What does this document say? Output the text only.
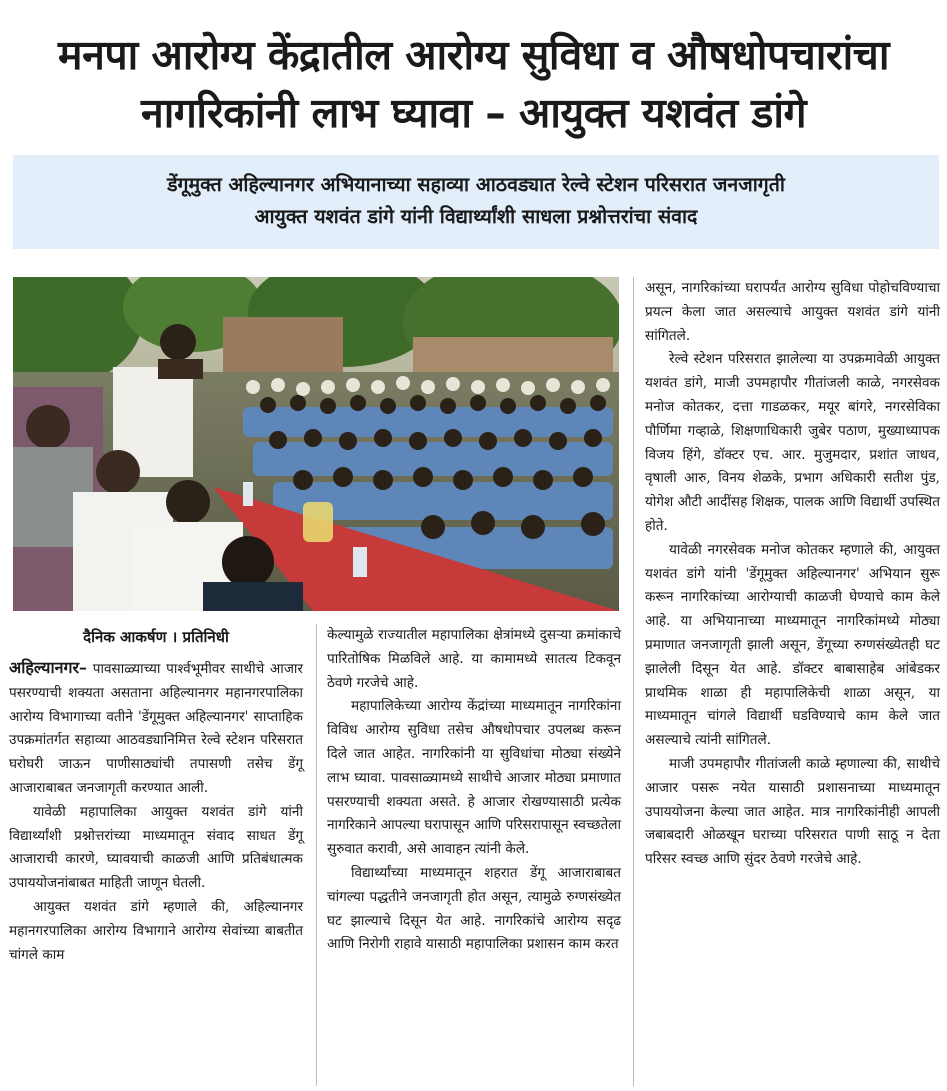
मनपा आरोग्य केंद्रातील आरोग्य सुविधा व औषधोपचारांचा
नागरिकांनी लाभ घ्यावा – आयुक्त यशवंत डांगे
डेंगूमुक्त अहिल्यानगर अभियानाच्या सहाव्या आठवड्यात रेल्वे स्टेशन परिसरात जनजागृती
आयुक्त यशवंत डांगे यांनी विद्यार्थ्यांशी साधला प्रश्नोत्तरांचा संवाद
दैनिक आकर्षण । प्रतिनिधी

अहिल्यानगर– पावसाळ्याच्या पार्श्वभूमीवर साथीचे आजार पसरण्याची शक्यता असताना अहिल्यानगर महानगरपालिका आरोग्य विभागाच्या वतीने 'डेंगूमुक्त अहिल्यानगर' साप्ताहिक उपक्रमांतर्गत सहाव्या आठवड्यानिमित्त रेल्वे स्टेशन परिसरात घरोघरी जाऊन पाणीसाठ्यांची तपासणी तसेच डेंगू आजाराबाबत जनजागृती करण्यात आली.

यावेळी महापालिका आयुक्त यशवंत डांगे यांनी विद्यार्थ्यांशी प्रश्नोत्तरांच्या माध्यमातून संवाद साधत डेंगू आजाराची कारणे, घ्यावयाची काळजी आणि प्रतिबंधात्मक उपाययोजनांबाबत माहिती जाणून घेतली.

आयुक्त यशवंत डांगे म्हणाले की, अहिल्यानगर महानगरपालिका आरोग्य विभागाने आरोग्य सेवांच्या बाबतीत चांगले काम

केल्यामुळे राज्यातील महापालिका क्षेत्रांमध्ये दुसऱ्या क्रमांकाचे पारितोषिक मिळविले आहे. या कामामध्ये सातत्य टिकवून ठेवणे गरजेचे आहे.

महापालिकेच्या आरोग्य केंद्रांच्या माध्यमातून नागरिकांना विविध आरोग्य सुविधा तसेच औषधोपचार उपलब्ध करून दिले जात आहेत. नागरिकांनी या सुविधांचा मोठ्या संख्येने लाभ घ्यावा. पावसाळ्यामध्ये साथीचे आजार मोठ्या प्रमाणात पसरण्याची शक्यता असते. हे आजार रोखण्यासाठी प्रत्येक नागरिकाने आपल्या घरापासून आणि परिसरापासून स्वच्छतेला सुरुवात करावी, असे आवाहन त्यांनी केले.

विद्यार्थ्यांच्या माध्यमातून शहरात डेंगू आजाराबाबत चांगल्या पद्धतीने जनजागृती होत असून, त्यामुळे रुग्णसंख्येत घट झाल्याचे दिसून येत आहे. नागरिकांचे आरोग्य सदृढ आणि निरोगी राहावे यासाठी महापालिका प्रशासन काम करत

असून, नागरिकांच्या घरापर्यंत आरोग्य सुविधा पोहोचविण्याचा प्रयत्न केला जात असल्याचे आयुक्त यशवंत डांगे यांनी सांगितले.

रेल्वे स्टेशन परिसरात झालेल्या या उपक्रमावेळी आयुक्त यशवंत डांगे, माजी उपमहापौर गीतांजली काळे, नगरसेवक मनोज कोतकर, दत्ता गाडळकर, मयूर बांगरे, नगरसेविका पौर्णिमा गव्हाळे, शिक्षणाधिकारी जुबेर पठाण, मुख्याध्यापक विजय हिंगे, डॉक्टर एच. आर. मुजुमदार, प्रशांत जाधव, वृषाली आरु, विनय शेळके, प्रभाग अधिकारी सतीश पुंड, योगेश औटी आदींसह शिक्षक, पालक आणि विद्यार्थी उपस्थित होते.

यावेळी नगरसेवक मनोज कोतकर म्हणाले की, आयुक्त यशवंत डांगे यांनी 'डेंगूमुक्त अहिल्यानगर' अभियान सुरू करून नागरिकांच्या आरोग्याची काळजी घेण्याचे काम केले आहे. या अभियानाच्या माध्यमातून नागरिकांमध्ये मोठ्या प्रमाणात जनजागृती झाली असून, डेंगूच्या रुग्णसंख्येतही घट झालेली दिसून येत आहे. डॉक्टर बाबासाहेब आंबेडकर प्राथमिक शाळा ही महापालिकेची शाळा असून, या माध्यमातून चांगले विद्यार्थी घडविण्याचे काम केले जात असल्याचे त्यांनी सांगितले.

माजी उपमहापौर गीतांजली काळे म्हणाल्या की, साथीचे आजार पसरू नयेत यासाठी प्रशासनाच्या माध्यमातून उपाययोजना केल्या जात आहेत. मात्र नागरिकांनीही आपली जबाबदारी ओळखून घराच्या परिसरात पाणी साठू न देता परिसर स्वच्छ आणि सुंदर ठेवणे गरजेचे आहे.
